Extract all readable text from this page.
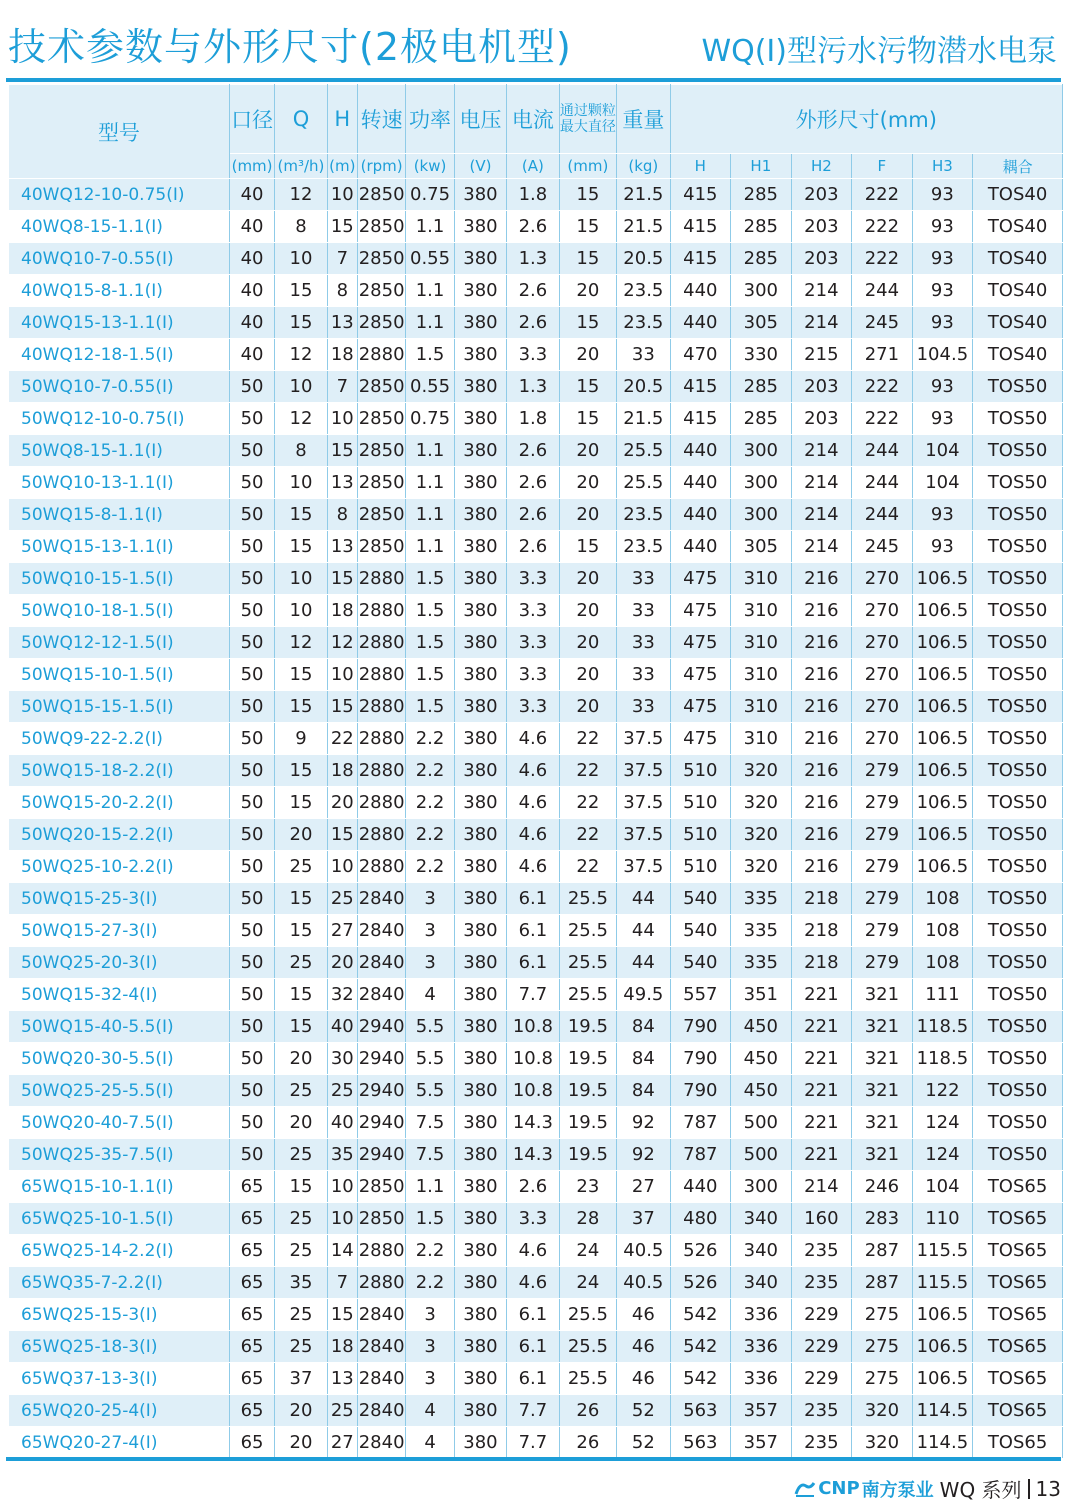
技术参数与外形尺寸(2极电机型)	WQ(Ⅰ)型污水污物潜水电泵
型号	口径	Q	H	转速	功率	电压	电流	通过颗粒最大直径	重量	外形尺寸(mm)					
	(mm)	(m³/h)	(m)	(rpm)	(kw)	(V)	(A)	(mm)	(kg)	H	H1	H2	F	H3	耦合
40WQ12-10-0.75(Ⅰ)	40	12	10	2850	0.75	380	1.8	15	21.5	415	285	203	222	93	TOS40
40WQ8-15-1.1(Ⅰ)	40	8	15	2850	1.1	380	2.6	15	21.5	415	285	203	222	93	TOS40
40WQ10-7-0.55(Ⅰ)	40	10	7	2850	0.55	380	1.3	15	20.5	415	285	203	222	93	TOS40
40WQ15-8-1.1(Ⅰ)	40	15	8	2850	1.1	380	2.6	20	23.5	440	300	214	244	93	TOS40
40WQ15-13-1.1(Ⅰ)	40	15	13	2850	1.1	380	2.6	15	23.5	440	305	214	245	93	TOS40
40WQ12-18-1.5(Ⅰ)	40	12	18	2880	1.5	380	3.3	20	33	470	330	215	271	104.5	TOS40
50WQ10-7-0.55(Ⅰ)	50	10	7	2850	0.55	380	1.3	15	20.5	415	285	203	222	93	TOS50
50WQ12-10-0.75(Ⅰ)	50	12	10	2850	0.75	380	1.8	15	21.5	415	285	203	222	93	TOS50
50WQ8-15-1.1(Ⅰ)	50	8	15	2850	1.1	380	2.6	20	25.5	440	300	214	244	104	TOS50
50WQ10-13-1.1(Ⅰ)	50	10	13	2850	1.1	380	2.6	20	25.5	440	300	214	244	104	TOS50
50WQ15-8-1.1(Ⅰ)	50	15	8	2850	1.1	380	2.6	20	23.5	440	300	214	244	93	TOS50
50WQ15-13-1.1(Ⅰ)	50	15	13	2850	1.1	380	2.6	15	23.5	440	305	214	245	93	TOS50
50WQ10-15-1.5(Ⅰ)	50	10	15	2880	1.5	380	3.3	20	33	475	310	216	270	106.5	TOS50
50WQ10-18-1.5(Ⅰ)	50	10	18	2880	1.5	380	3.3	20	33	475	310	216	270	106.5	TOS50
50WQ12-12-1.5(Ⅰ)	50	12	12	2880	1.5	380	3.3	20	33	475	310	216	270	106.5	TOS50
50WQ15-10-1.5(Ⅰ)	50	15	10	2880	1.5	380	3.3	20	33	475	310	216	270	106.5	TOS50
50WQ15-15-1.5(Ⅰ)	50	15	15	2880	1.5	380	3.3	20	33	475	310	216	270	106.5	TOS50
50WQ9-22-2.2(Ⅰ)	50	9	22	2880	2.2	380	4.6	22	37.5	475	310	216	270	106.5	TOS50
50WQ15-18-2.2(Ⅰ)	50	15	18	2880	2.2	380	4.6	22	37.5	510	320	216	279	106.5	TOS50
50WQ15-20-2.2(Ⅰ)	50	15	20	2880	2.2	380	4.6	22	37.5	510	320	216	279	106.5	TOS50
50WQ20-15-2.2(Ⅰ)	50	20	15	2880	2.2	380	4.6	22	37.5	510	320	216	279	106.5	TOS50
50WQ25-10-2.2(Ⅰ)	50	25	10	2880	2.2	380	4.6	22	37.5	510	320	216	279	106.5	TOS50
50WQ15-25-3(Ⅰ)	50	15	25	2840	3	380	6.1	25.5	44	540	335	218	279	108	TOS50
50WQ15-27-3(Ⅰ)	50	15	27	2840	3	380	6.1	25.5	44	540	335	218	279	108	TOS50
50WQ25-20-3(Ⅰ)	50	25	20	2840	3	380	6.1	25.5	44	540	335	218	279	108	TOS50
50WQ15-32-4(Ⅰ)	50	15	32	2840	4	380	7.7	25.5	49.5	557	351	221	321	111	TOS50
50WQ15-40-5.5(Ⅰ)	50	15	40	2940	5.5	380	10.8	19.5	84	790	450	221	321	118.5	TOS50
50WQ20-30-5.5(Ⅰ)	50	20	30	2940	5.5	380	10.8	19.5	84	790	450	221	321	118.5	TOS50
50WQ25-25-5.5(Ⅰ)	50	25	25	2940	5.5	380	10.8	19.5	84	790	450	221	321	122	TOS50
50WQ20-40-7.5(Ⅰ)	50	20	40	2940	7.5	380	14.3	19.5	92	787	500	221	321	124	TOS50
50WQ25-35-7.5(Ⅰ)	50	25	35	2940	7.5	380	14.3	19.5	92	787	500	221	321	124	TOS50
65WQ15-10-1.1(Ⅰ)	65	15	10	2850	1.1	380	2.6	23	27	440	300	214	246	104	TOS65
65WQ25-10-1.5(Ⅰ)	65	25	10	2850	1.5	380	3.3	28	37	480	340	160	283	110	TOS65
65WQ25-14-2.2(Ⅰ)	65	25	14	2880	2.2	380	4.6	24	40.5	526	340	235	287	115.5	TOS65
65WQ35-7-2.2(Ⅰ)	65	35	7	2880	2.2	380	4.6	24	40.5	526	340	235	287	115.5	TOS65
65WQ25-15-3(Ⅰ)	65	25	15	2840	3	380	6.1	25.5	46	542	336	229	275	106.5	TOS65
65WQ25-18-3(Ⅰ)	65	25	18	2840	3	380	6.1	25.5	46	542	336	229	275	106.5	TOS65
65WQ37-13-3(Ⅰ)	65	37	13	2840	3	380	6.1	25.5	46	542	336	229	275	106.5	TOS65
65WQ20-25-4(Ⅰ)	65	20	25	2840	4	380	7.7	26	52	563	357	235	320	114.5	TOS65
65WQ20-27-4(Ⅰ)	65	20	27	2840	4	380	7.7	26	52	563	357	235	320	114.5	TOS65
CNP 南方泵业 WQ 系列 13
